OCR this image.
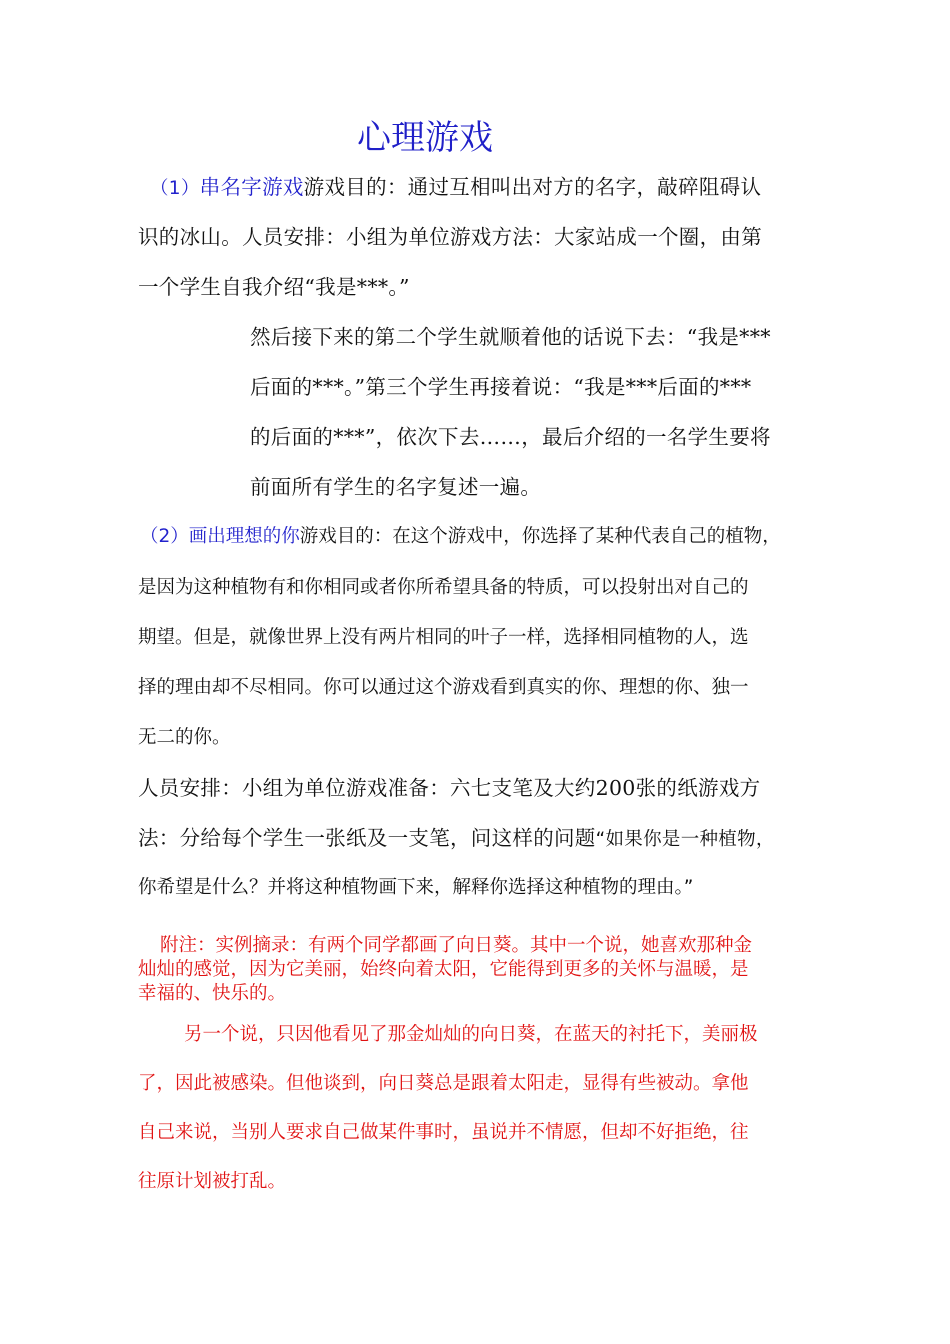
心理游戏
（1）串名字游戏游戏目的：通过互相叫出对方的名字，敲碎阻碍认
识的冰山。人员安排：小组为单位游戏方法：大家站成一个圈，由第
一个学生自我介绍“我是***。”
然后接下来的第二个学生就顺着他的话说下去：“我是***
后面的***。”第三个学生再接着说：“我是***后面的***
的后面的***”，依次下去……，最后介绍的一名学生要将
前面所有学生的名字复述一遍。
（2）画出理想的你游戏目的：在这个游戏中，你选择了某种代表自己的植物，
是因为这种植物有和你相同或者你所希望具备的特质，可以投射出对自己的
期望。但是，就像世界上没有两片相同的叶子一样，选择相同植物的人，选
择的理由却不尽相同。你可以通过这个游戏看到真实的你、理想的你、独一
无二的你。
人员安排：小组为单位游戏准备：六七支笔及大约200张的纸游戏方
法：分给每个学生一张纸及一支笔，问这样的问题“如果你是一种植物，
你希望是什么？并将这种植物画下来，解释你选择这种植物的理由。”
附注：实例摘录：有两个同学都画了向日葵。其中一个说，她喜欢那种金
灿灿的感觉，因为它美丽，始终向着太阳，它能得到更多的关怀与温暖，是
幸福的、快乐的。
另一个说，只因他看见了那金灿灿的向日葵，在蓝天的衬托下，美丽极
了，因此被感染。但他谈到，向日葵总是跟着太阳走，显得有些被动。拿他
自己来说，当别人要求自己做某件事时，虽说并不情愿，但却不好拒绝，往
往原计划被打乱。
